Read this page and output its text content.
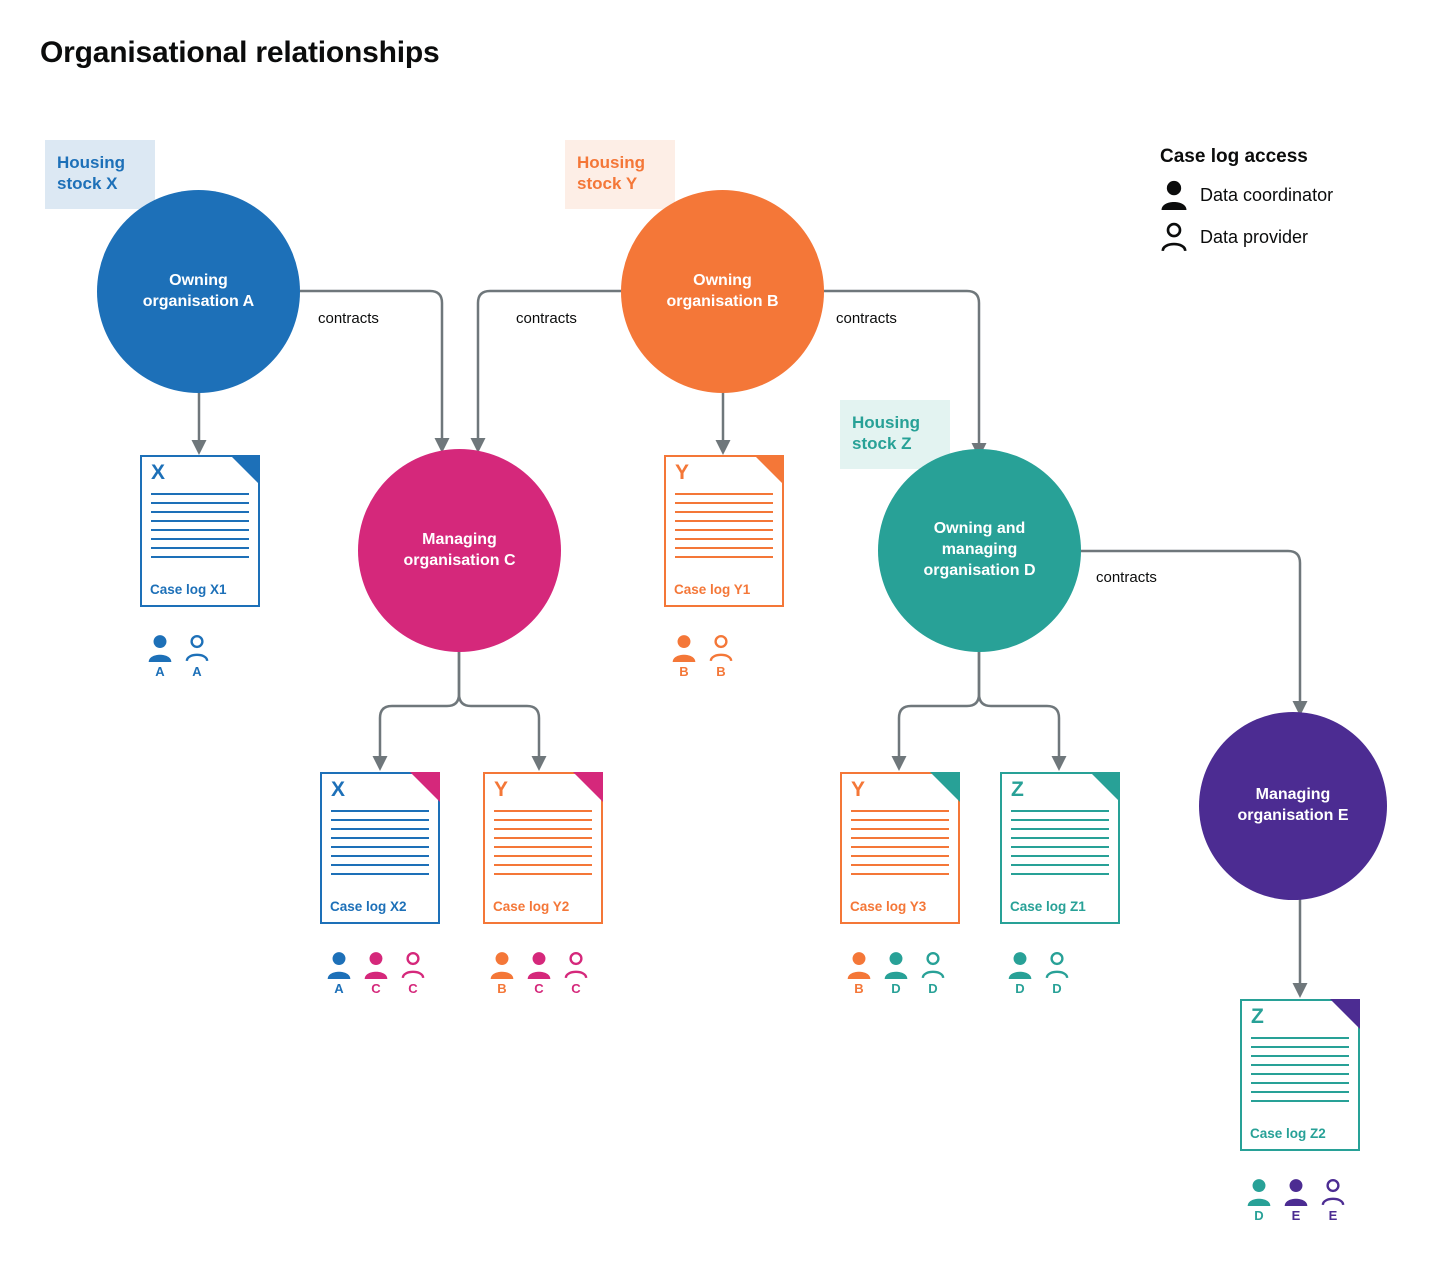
Organisational relationships
contracts	contracts	contracts
contracts
Housing
stock X
Housing
stock Y
Housing
stock Z
Owning
organisation A
Owning
organisation B
Managing
organisation C
Owning and
managing
organisation D
Managing
organisation E
X
Case log X1
A	A
Y
Case log Y1
B	B
X
Case log X2
A	C	C
Y
Case log Y2
B	C	C
Y
Case log Y3
B	D	D
Z
Case log Z1
D	D
Z
Case log Z2
D	E	E
Case log access
Data coordinator
Data provider
